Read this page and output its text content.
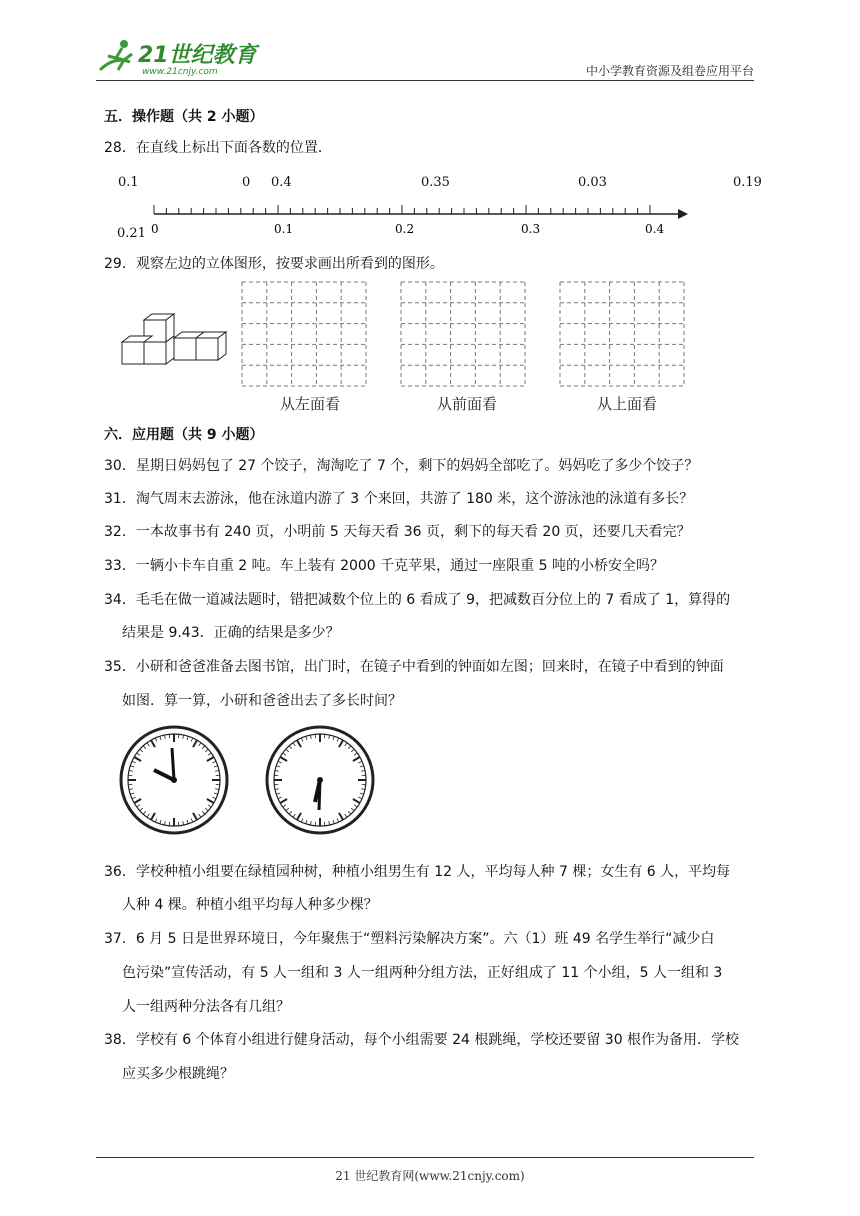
21世纪教育
www.21cnjy.com	中小学教育资源及组卷应用平台
五．操作题（共 2 小题）
28．在直线上标出下面各数的位置．
0.1	0 0.4	0.35	0.03	0.19
0.21 0	0.1	0.2	0.3	0.4
29．观察左边的立体图形，按要求画出所看到的图形。
从左面看	从前面看	从上面看
六．应用题（共 9 小题）
30．星期日妈妈包了 27 个饺子，淘淘吃了 7 个，剩下的妈妈全部吃了。妈妈吃了多少个饺子？
31．淘气周末去游泳，他在泳道内游了 3 个来回，共游了 180 米，这个游泳池的泳道有多长？
32．一本故事书有 240 页，小明前 5 天每天看 36 页，剩下的每天看 20 页，还要几天看完？
33．一辆小卡车自重 2 吨。车上装有 2000 千克苹果，通过一座限重 5 吨的小桥安全吗？
34．毛毛在做一道减法题时，错把减数个位上的 6 看成了 9，把减数百分位上的 7 看成了 1，算得的
结果是 9.43．正确的结果是多少？
35．小研和爸爸准备去图书馆，出门时，在镜子中看到的钟面如左图；回来时，在镜子中看到的钟面
如图．算一算，小研和爸爸出去了多长时间？
36．学校种植小组要在绿植园种树，种植小组男生有 12 人，平均每人种 7 棵；女生有 6 人，平均每
人种 4 棵。种植小组平均每人种多少棵？
37．6 月 5 日是世界环境日，今年聚焦于“塑料污染解决方案”。六（1）班 49 名学生举行“减少白
色污染”宣传活动，有 5 人一组和 3 人一组两种分组方法，正好组成了 11 个小组，5 人一组和 3
人一组两种分法各有几组？
38．学校有 6 个体育小组进行健身活动，每个小组需要 24 根跳绳，学校还要留 30 根作为备用．学校
应买多少根跳绳？
21 世纪教育网(www.21cnjy.com)
